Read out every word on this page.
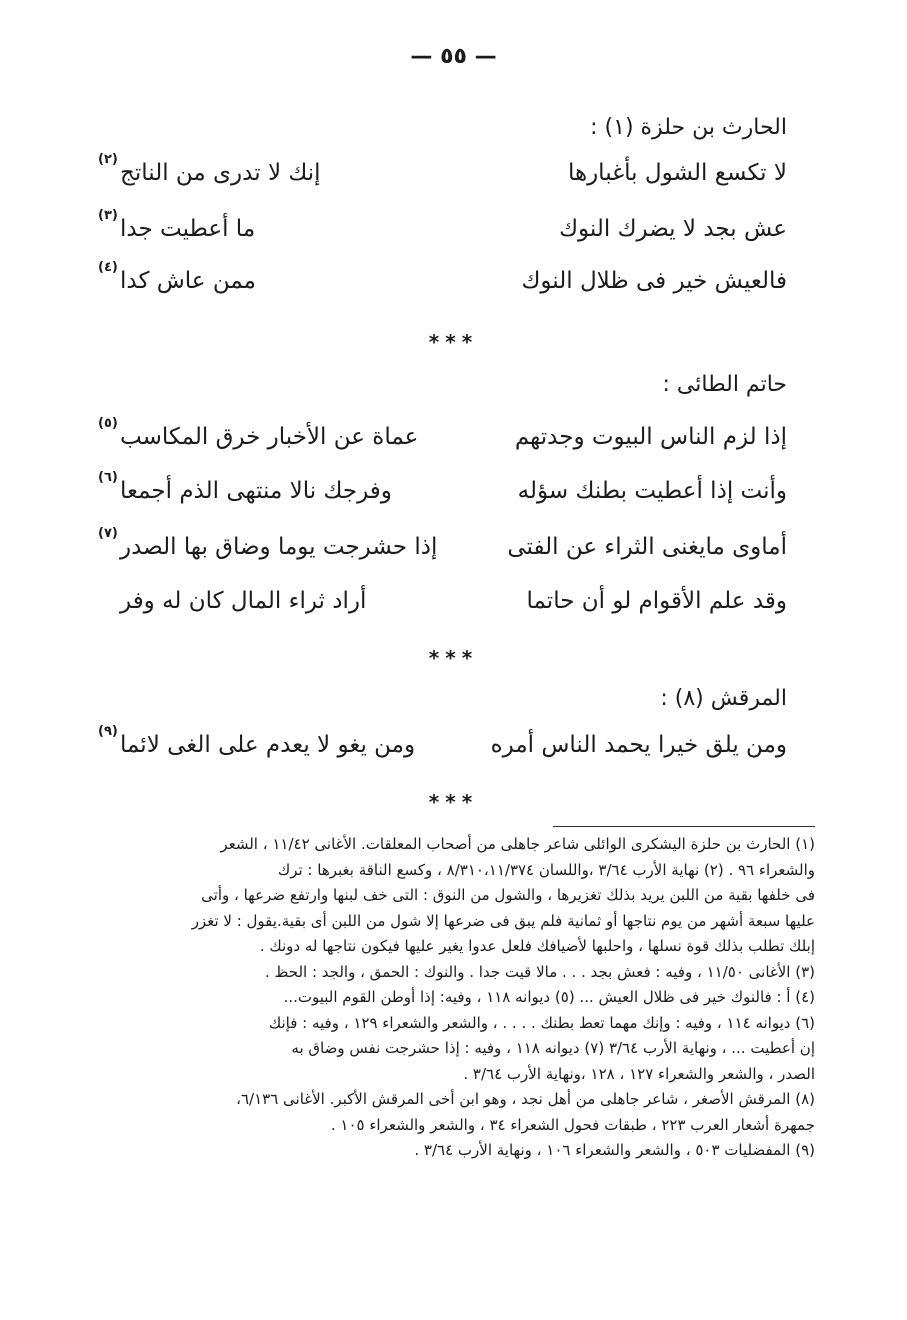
— ٥٥ —
الحارث بن حلزة (١) :
لا تكسع الشول بأغبارها
إنك لا تدرى من الناتج
(٢)
عش بجد لا يضرك النوك
ما أعطيت جدا
(٣)
فالعيش خير فى ظلال النوك
ممن عاش كدا
(٤)
***
حاتم الطائى :
إذا لزم الناس البيوت وجدتهم
عماة عن الأخبار خرق المكاسب
(٥)
وأنت إذا أعطيت بطنك سؤله
وفرجك نالا منتهى الذم أجمعا
(٦)
أماوى مايغنى الثراء عن الفتى
إذا حشرجت يوما وضاق بها الصدر
(٧)
وقد علم الأقوام لو أن حاتما
أراد ثراء المال كان له وفر
***
المرقش (٨) :
ومن يلق خيرا يحمد الناس أمره
ومن يغو لا يعدم على الغى لائما
(٩)
***
(١) الحارث بن حلزة اليشكرى الوائلى شاعر جاهلى من أصحاب المعلقات. الأغانى ١١/٤٢ ، الشعر
والشعراء ٩٦ . (٢) نهاية الأرب ٣/٦٤ ،واللسان ٨/٣١٠،١١/٣٧٤ ، وكسع الناقة بغبرها : ترك
فى خلفها بقية من اللبن يريد بذلك تغزيرها ، والشول من النوق : التى خف لبنها وارتفع ضرعها ، وأتى
عليها سبعة أشهر من يوم نتاجها أو ثمانية فلم يبق فى ضرعها إلا شول من اللبن أى بقية.يقول : لا تغزر
إبلك تطلب بذلك قوة نسلها ، واحلبها لأضيافك فلعل عدوا يغير عليها فيكون نتاجها له دونك .
(٣) الأغانى ١١/٥٠ ، وفيه : فعش بجد . . . مالا قيت جدا . والنوك : الحمق ، والجد : الحظ .
(٤) أ : فالنوك خير فى ظلال العيش ... (٥) ديوانه ١١٨ ، وفيه: إذا أوطن القوم البيوت...
(٦) ديوانه ١١٤ ، وفيه : وإنك مهما تعط بطنك . . . . ، والشعر والشعراء ١٢٩ ، وفيه : فإنك
إن أعطيت ... ، ونهاية الأرب ٣/٦٤ (٧) ديوانه ١١٨ ، وفيه : إذا حشرجت نفس وضاق به
الصدر ، والشعر والشعراء ١٢٧ ، ١٢٨ ،ونهاية الأرب ٣/٦٤ .
(٨) المرقش الأصغر ، شاعر جاهلى من أهل نجد ، وهو ابن أخى المرقش الأكبر. الأغانى ٦/١٣٦،
جمهرة أشعار العرب ٢٢٣ ، طبقات فحول الشعراء ٣٤ ، والشعر والشعراء ١٠٥ .
(٩) المفضليات ٥٠٣ ، والشعر والشعراء ١٠٦ ، ونهاية الأرب ٣/٦٤ .
